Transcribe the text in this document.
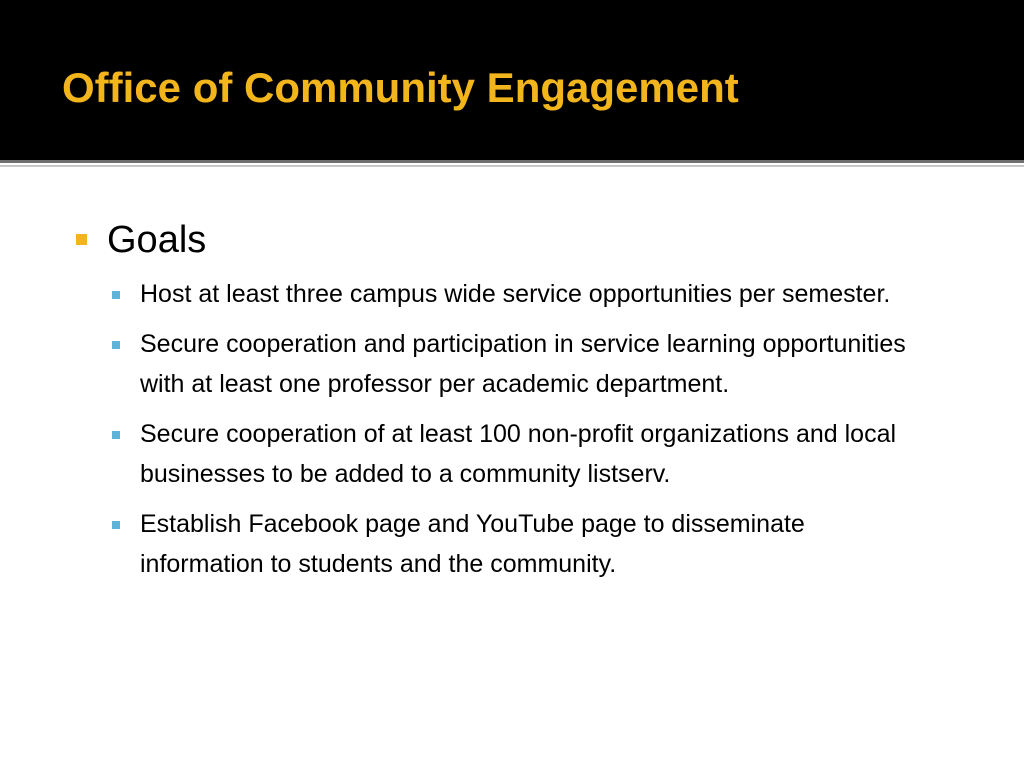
Office of Community Engagement
Goals
Host at least three campus wide service opportunities per semester.
Secure cooperation and participation in service learning opportunities with at least one professor per academic department.
Secure cooperation of at least 100 non-profit organizations and local businesses to be added to a community listserv.
Establish Facebook page and YouTube page to disseminate information to students and the community.
